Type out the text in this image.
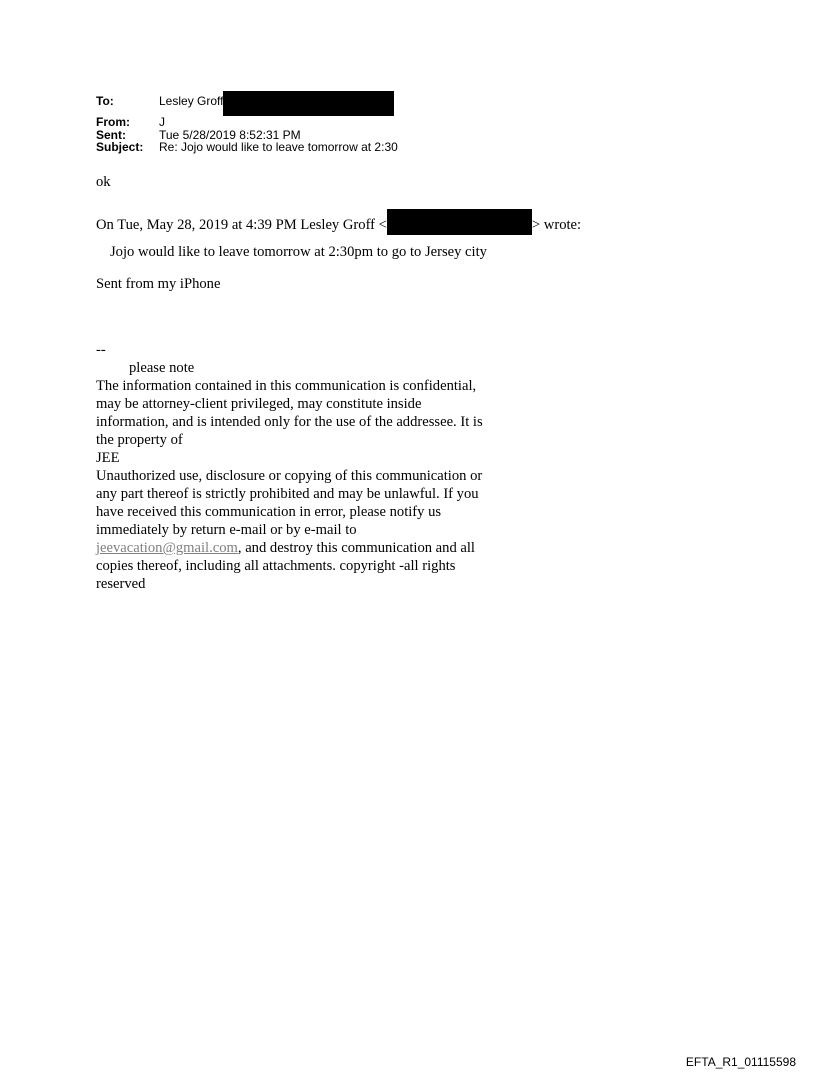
To:	Lesley Groff
From:	J
Sent:	Tue 5/28/2019 8:52:31 PM
Subject:	Re: Jojo would like to leave tomorrow at 2:30
ok
On Tue, May 28, 2019 at 4:39 PM Lesley Groff <	> wrote:
Jojo would like to leave tomorrow at 2:30pm to go to Jersey city
Sent from my iPhone
--
please note
The information contained in this communication is confidential, may be attorney-client privileged, may constitute inside information, and is intended only for the use of the addressee. It is the property of
JEE
Unauthorized use, disclosure or copying of this communication or any part thereof is strictly prohibited and may be unlawful. If you have received this communication in error, please notify us immediately by return e-mail or by e-mail to jeevacation@gmail.com, and destroy this communication and all copies thereof, including all attachments. copyright -all rights reserved
EFTA_R1_01115598
